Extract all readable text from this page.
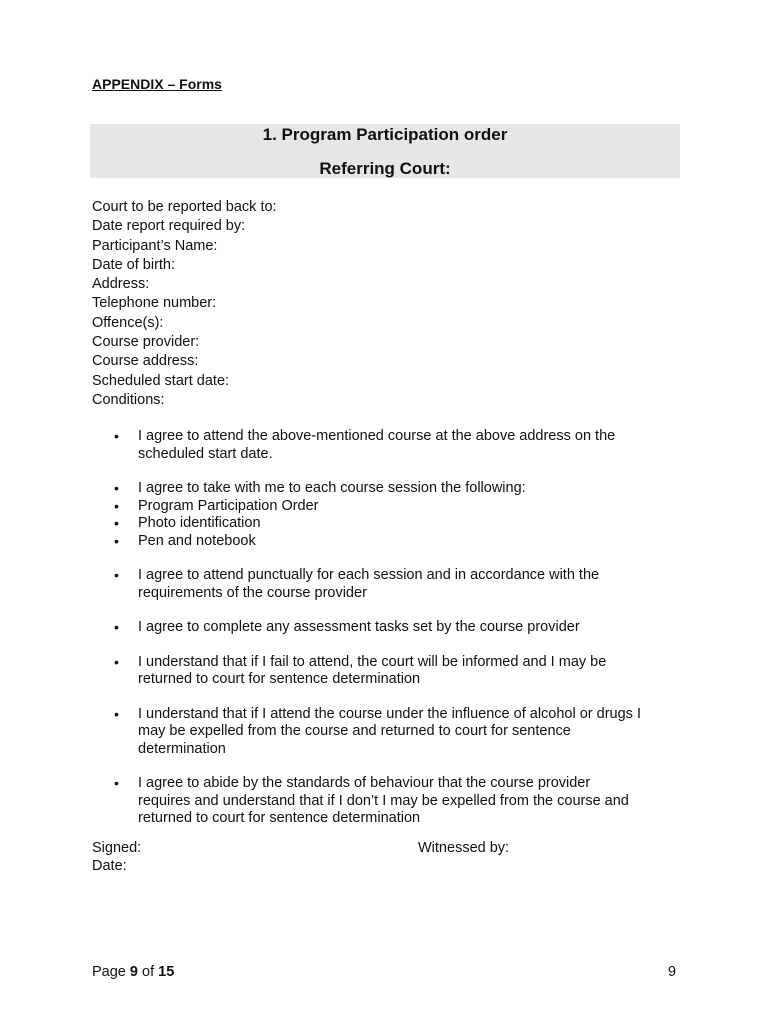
APPENDIX – Forms
1. Program Participation order
Referring Court:
Court to be reported back to:
Date report required by:
Participant’s Name:
Date of birth:
Address:
Telephone number:
Offence(s):
Course provider:
Course address:
Scheduled start date:
Conditions:
• I agree to attend the above-mentioned course at the above address on the
scheduled start date.
• I agree to take with me to each course session the following:
• Program Participation Order
• Photo identification
• Pen and notebook
• I agree to attend punctually for each session and in accordance with the
requirements of the course provider
• I agree to complete any assessment tasks set by the course provider
• I understand that if I fail to attend, the court will be informed and I may be
returned to court for sentence determination
• I understand that if I attend the course under the influence of alcohol or drugs I
may be expelled from the course and returned to court for sentence
determination
• I agree to abide by the standards of behaviour that the course provider
requires and understand that if I don’t I may be expelled from the course and
returned to court for sentence determination
Signed:
Date:
Witnessed by:
Page 9 of 15	9
